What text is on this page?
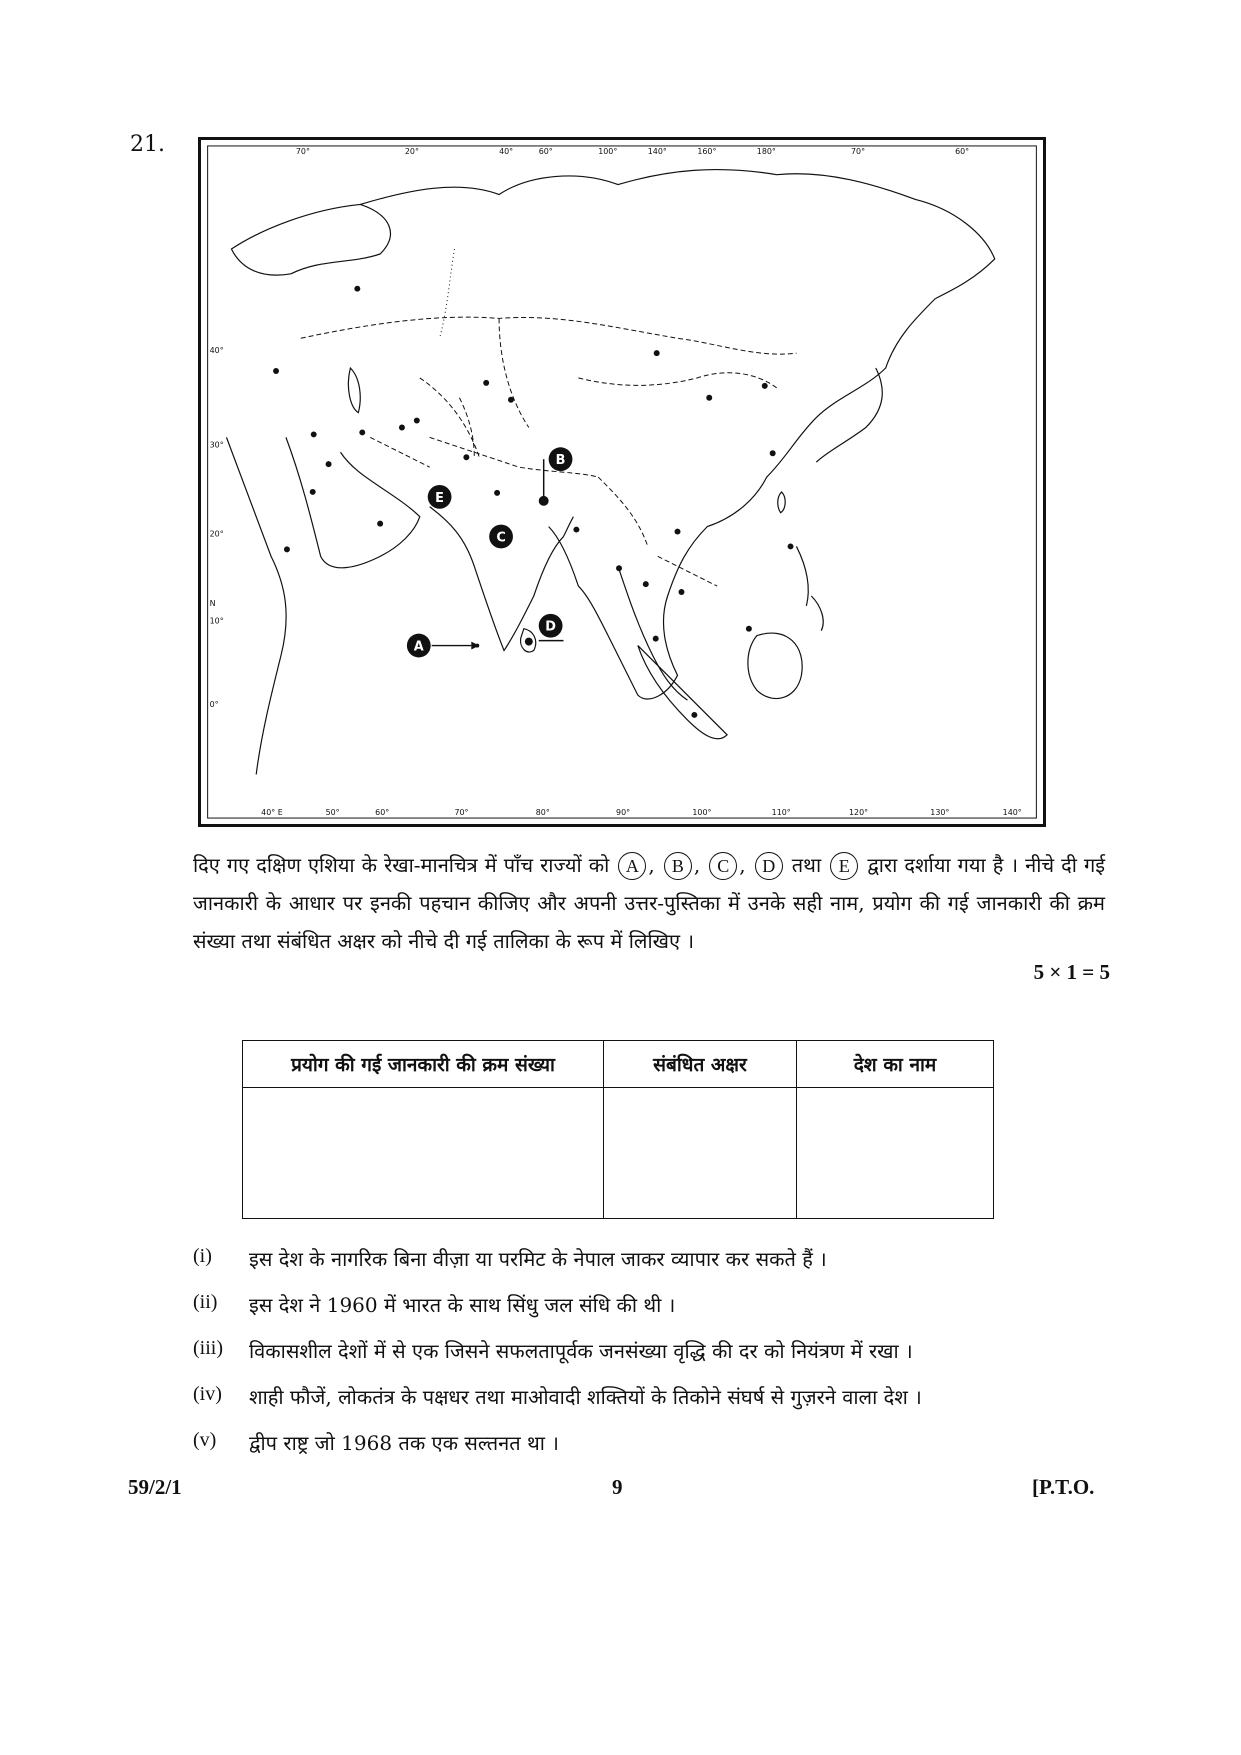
21.	70°	20°	40°	60°	100°	140°	160°	180°	70°	60°
40° E	50°	60°	70°	80°	90°	100°	110°	120°	130°	140°
40°
30°
20°
N
10°
0°
B
E
C
A
D
दिए गए दक्षिण एशिया के रेखा-मानचित्र में पाँच राज्यों को A , B , C , D तथा E द्वारा दर्शाया गया है । नीचे दी गई जानकारी के आधार पर इनकी पहचान कीजिए और अपनी उत्तर-पुस्तिका में उनके सही नाम, प्रयोग की गई जानकारी की क्रम संख्या तथा संबंधित अक्षर को नीचे दी गई तालिका के रूप में लिखिए ।
5 × 1 = 5
प्रयोग की गई जानकारी की क्रम संख्या	संबंधित अक्षर	देश का नाम

(i) इस देश के नागरिक बिना वीज़ा या परमिट के नेपाल जाकर व्यापार कर सकते हैं ।
(ii) इस देश ने 1960 में भारत के साथ सिंधु जल संधि की थी ।
(iii) विकासशील देशों में से एक जिसने सफलतापूर्वक जनसंख्या वृद्धि की दर को नियंत्रण में रखा ।
(iv) शाही फौजें, लोकतंत्र के पक्षधर तथा माओवादी शक्तियों के तिकोने संघर्ष से गुज़रने वाला देश ।
(v) द्वीप राष्ट्र जो 1968 तक एक सल्तनत था ।
59/2/1	9	[P.T.O.
